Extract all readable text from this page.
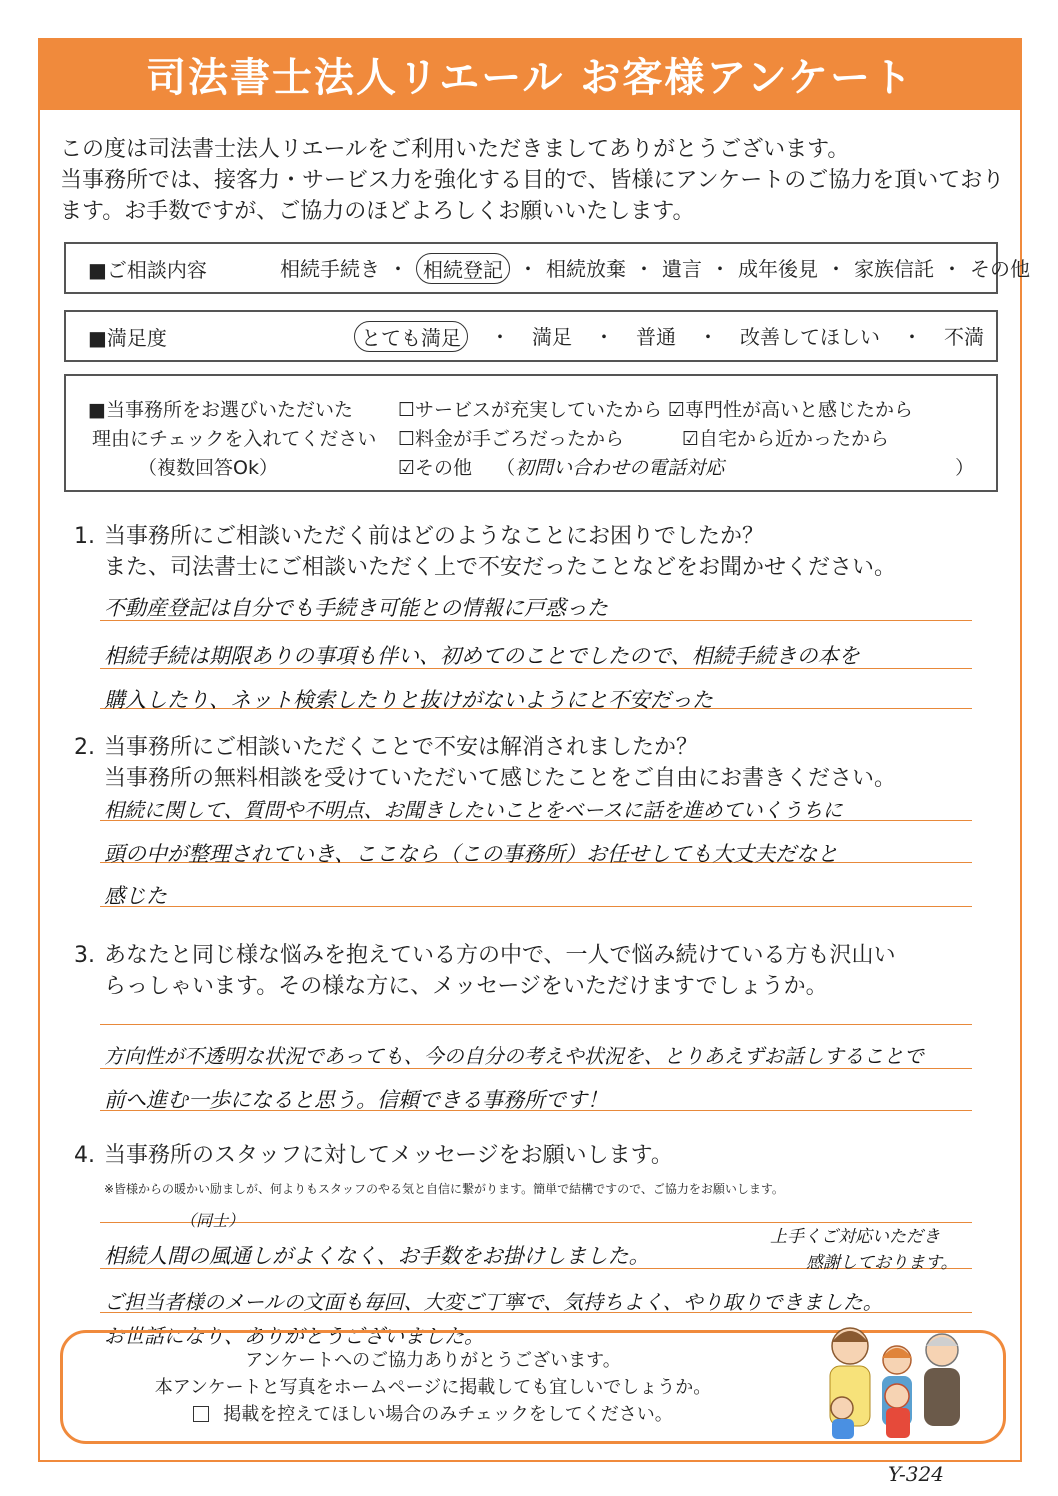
司法書士法人リエール お客様アンケート

この度は司法書士法人リエールをご利用いただきましてありがとうございます。

当事務所では、接客力・サービス力を強化する目的で、皆様にアンケートのご協力を頂いており

ます。お手数ですが、ご協力のほどよろしくお願いいたします。

■ご相談内容	相続手続き ・ 相続登記 ・ 相続放棄 ・ 遺言 ・ 成年後見 ・ 家族信託 ・ その他
■満足度	とても満足	・ 満足 ・ 普通 ・ 改善してほしい ・ 不満
■当事務所をお選びいただいた
理由にチェックを入れてください
（複数回答Ok）
☐サービスが充実していたから ☑専門性が高いと感じたから
☐料金が手ごろだったから	☑自宅から近かったから
☑ その他 （ 初問い合わせの電話対応	）
1. 当事務所にご相談いただく前はどのようなことにお困りでしたか？
また、司法書士にご相談いただく上で不安だったことなどをお聞かせください。
不動産登記は自分でも手続き可能との情報に戸惑った
相続手続は期限ありの事項も伴い、初めてのことでしたので、相続手続きの本を
購入したり、ネット検索したりと抜けがないようにと不安だった
2. 当事務所にご相談いただくことで不安は解消されましたか？
当事務所の無料相談を受けていただいて感じたことをご自由にお書きください。
相続に関して、質問や不明点、お聞きしたいことをベースに話を進めていくうちに
頭の中が整理されていき、ここなら（この事務所）お任せしても大丈夫だなと
感じた
3. あなたと同じ様な悩みを抱えている方の中で、一人で悩み続けている方も沢山い
らっしゃいます。その様な方に、メッセージをいただけますでしょうか。
方向性が不透明な状況であっても、今の自分の考えや状況を、とりあえずお話しすることで
前へ進む一歩になると思う。信頼できる事務所です！
4. 当事務所のスタッフに対してメッセージをお願いします。
※皆様からの暖かい励ましが、何よりもスタッフのやる気と自信に繋がります。簡単で結構ですので、ご協力をお願いします。
（同士）
上手くご対応いただき
感謝しております。
相続人間の風通しがよくなく、お手数をお掛けしました。
ご担当者様のメールの文面も毎回、大変ご丁寧で、気持ちよく、やり取りできました。
お世話になり、ありがとうございました。
アンケートへのご協力ありがとうございます。
本アンケートと写真をホームページに掲載しても宜しいでしょうか。
掲載を控えてほしい場合のみチェックをしてください。
Y-324
